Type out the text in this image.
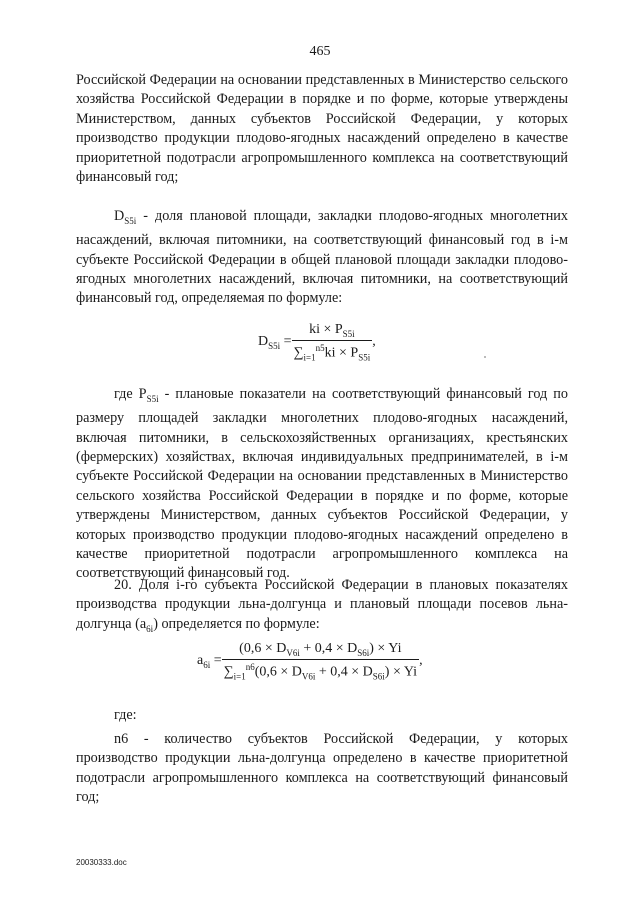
465

Российской Федерации на основании представленных в Министерство сельского хозяйства Российской Федерации в порядке и по форме, которые утверждены Министерством, данных субъектов Российской Федерации, у которых производство продукции плодово-ягодных насаждений определено в качестве приоритетной подотрасли агропромышленного комплекса на соответствующий финансовый год;

$D_{S5i}$ - доля плановой площади, закладки плодово-ягодных многолетних насаждений, включая питомники, на соответствующий финансовый год в i-м субъекте Российской Федерации в общей плановой площади закладки плодово-ягодных многолетних насаждений, включая питомники, на соответствующий финансовый год, определяемая по формуле:

$D_{S5i} = \frac{ki \times P_{S5i}}{\sum_{i=1}^{n5}ki \times P_{S5i}}$ ,

где $P_{S5i}$ - плановые показатели на соответствующий финансовый год по размеру площадей закладки многолетних плодово-ягодных насаждений, включая питомники, в сельскохозяйственных организациях, крестьянских (фермерских) хозяйствах, включая индивидуальных предпринимателей, в i-м субъекте Российской Федерации на основании представленных в Министерство сельского хозяйства Российской Федерации в порядке и по форме, которые утверждены Министерством, данных субъектов Российской Федерации, у которых производство продукции плодово-ягодных насаждений определено в качестве приоритетной подотрасли агропромышленного комплекса на соответствующий финансовый год.

20. Доля i-го субъекта Российской Федерации в плановых показателях производства продукции льна-долгунца и плановый площади посевов льна-долгунца $(a_{6i})$ определяется по формуле:

$a_{6i} = \frac{(0,6 \times D_{V6i} + 0,4 \times D_{S6i}) \times Yi}{\sum_{i=1}^{n6}(0,6 \times D_{V6i} + 0,4 \times D_{S6i}) \times Yi}$ ,

где:

n6 - количество субъектов Российской Федерации, у которых производство продукции льна-долгунца определено в качестве приоритетной подотрасли агропромышленного комплекса на соответствующий финансовый год;

20030333.doc
